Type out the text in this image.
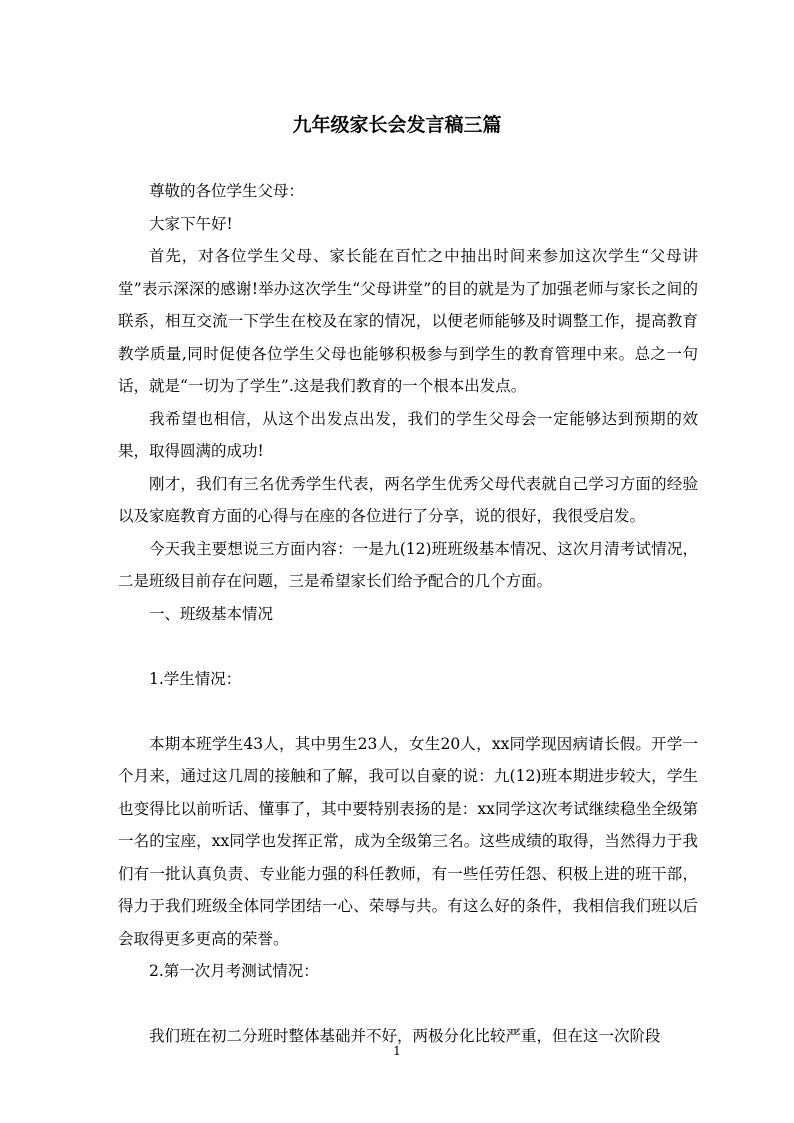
九年级家长会发言稿三篇

尊敬的各位学生父母：

大家下午好!

首先，对各位学生父母、家长能在百忙之中抽出时间来参加这次学生“父母讲堂”表示深深的感谢!举办这次学生“父母讲堂”的目的就是为了加强老师与家长之间的联系，相互交流一下学生在校及在家的情况，以便老师能够及时调整工作，提高教育教学质量,同时促使各位学生父母也能够积极参与到学生的教育管理中来。总之一句话，就是“一切为了学生”.这是我们教育的一个根本出发点。

我希望也相信，从这个出发点出发，我们的学生父母会一定能够达到预期的效果，取得圆满的成功!

刚才，我们有三名优秀学生代表，两名学生优秀父母代表就自己学习方面的经验以及家庭教育方面的心得与在座的各位进行了分享，说的很好，我很受启发。

今天我主要想说三方面内容：一是九(12)班班级基本情况、这次月清考试情况，二是班级目前存在问题，三是希望家长们给予配合的几个方面。

一、班级基本情况

1.学生情况：

本期本班学生43人，其中男生23人，女生20人，xx同学现因病请长假。开学一个月来，通过这几周的接触和了解，我可以自豪的说：九(12)班本期进步较大，学生也变得比以前听话、懂事了，其中要特别表扬的是：xx同学这次考试继续稳坐全级第一名的宝座，xx同学也发挥正常，成为全级第三名。这些成绩的取得，当然得力于我们有一批认真负责、专业能力强的科任教师，有一些任劳任怨、积极上进的班干部，得力于我们班级全体同学团结一心、荣辱与共。有这么好的条件，我相信我们班以后会取得更多更高的荣誉。

2.第一次月考测试情况：

我们班在初二分班时整体基础并不好，两极分化比较严重，但在这一次阶段

1
